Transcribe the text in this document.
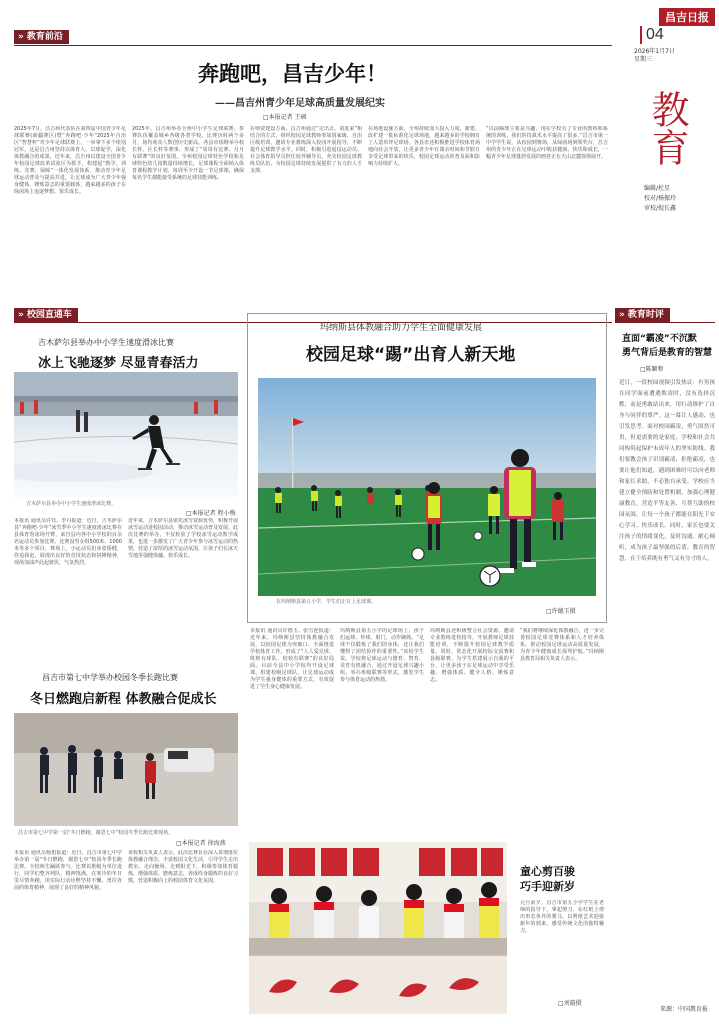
昌吉日报
04
2026年1月7日
星期三
教育
编辑/杜星
校对/杨振玲
审校/倪长鑫
» 教育前沿
奔跑吧，昌吉少年！
——昌吉州青少年足球高质量发展纪实
□本报记者 王硕
2025年7月，昌吉州代表队在第四届中国青少年足球联赛(新疆赛区)暨“奔跑吧·少年”2025年自治区“智慧杯”青少年足球联赛上，一举拿下多个组别冠军。这是昌吉州坚持以体育人、以球促学，深化体教融合的成果。近年来，昌吉州以建设全国青少年校园足球改革试验区为抓手，构建起“教学、训练、竞赛、保障”一体化发展体系，推动青少年足球运动普及与提高并进，让足球成为广大青少年强身健体、锤炼意志的重要载体，越来越多的孩子在绿茵场上追逐梦想、快乐成长。
2025年，昌吉州举办全州中小学生足球联赛，参赛队伍覆盖城乡各级各类学校，比赛历时两个多月，场均观众人数创历史新高。各县市相继举办校长杯、区长杯等赛事，形成了“周周有比赛、月月有联赛”的良好氛围。全州校园足球特色学校和足球特色幼儿园数量持续增长，足球课程全面纳入体育课程教学计划，每周至少开设一节足球课，确保每名学生都能接受系统的足球技能训练。
在师资建设方面，昌吉州通过“走出去、请进来”相结合的方式，组织校园足球教师参加国家级、自治区级培训，邀请专业教练深入校园开展指导，不断提升足球教学水平。同时，积极引进退役运动员、社会体育指导员担任校外辅导员，充实校园足球教练员队伍，为校园足球持续发展提供了有力的人才支撑。
在场地设施方面，全州持续加大投入力度，新建、改扩建一批标准化足球场地，越来越多的学校拥有了人造草坪足球场。各县市还积极推进学校体育场地向社会开放，让更多青少年在课余时间和节假日享受足球带来的快乐，校园足球运动的普及面和影响力持续扩大。
“以前踢球主要是兴趣，现在学校有了专业的教练和系统的训练，我们的技战术水平提高了很多。”昌吉市第一中学学生说。从校园到赛场，从绿茵场到领奖台，昌吉州的青少年正在足球运动中收获健康、快乐和成长，一幅青少年足球蓬勃发展的画卷正在天山北麓徐徐展开。
» 校园直通车
吉木萨尔县举办中小学生速度滑冰比赛
冰上飞驰逐梦 尽显青春活力
吉木萨尔县举办中小学生速度滑冰比赛。
□本报记者 程小梅
本报讯 通讯员许钰、李丹报道：近日，吉木萨尔县“奔跑吧·少年”冰雪季中小学生速度滑冰比赛在县体育馆冰场开赛，来自县内各中小学校的百余名运动员参加比赛。比赛设男女组500米、1000米等多个项目。赛场上，小运动员们身姿矫健，你追我赶，展现出良好的竞技状态和拼搏精神，现场加油声此起彼伏，气氛热烈。
近年来，吉木萨尔县依托冰雪资源优势，积极开展冰雪运动进校园活动，推动冰雪运动普及发展。此次比赛的举办，不仅检验了学校冰雪运动教学成果，也进一步激发了广大青少年参与冰雪运动的热情，营造了浓厚的冰雪运动氛围，让孩子们在冰天雪地里强健体魄、快乐成长。
昌吉市第七中学举办校园冬季长跑比赛
冬日燃跑启新程 体教融合促成长
昌吉市第七中学第一届“冬日燃跑，谢恩七中”校园冬季长跑比赛现场。
□本报记者 徐海燕
本报讯 通讯员杨旭报道：近日，昌吉市第七中学举办第一届“冬日燃跑，谢恩七中”校园冬季长跑比赛，全校师生踊跃参与。比赛以班级为单位进行，同学们整齐列队，精神饱满，在寒冷的冬日里尽情奔跑，用实际行动诠释坚持不懈、勇往直前的体育精神，展现了良好的精神风貌。
该校相关负责人表示，此次比赛旨在深入贯彻落实体教融合理念，丰富校园文化生活，引导学生走出教室、走向操场、走到阳光下，积极参加体育锻炼，增强体质、磨炼意志，养成终身锻炼的良好习惯，营造积极向上的校园体育文化氛围。
玛纳斯县体教融合助力学生全面健康发展
校园足球“踢”出育人新天地
在玛纳斯县第五小学，学生们正在上足球课。
□许德玉摄
本报讯 通讯员许德玉、张雪连报道：近年来，玛纳斯县坚持体教融合发展，以校园足球为突破口，全面推进学校体育工作，形成了“人人爱足球、班班有球队、校校有联赛”的良好局面。目前全县中小学校均开设足球课，组建校级足球队，让足球运动成为学生强身健体的重要方式，有效促进了学生身心健康发展。
玛纳斯县第五小学的足球场上，孩子们运球、传球、射门，动作娴熟。“足球不仅锻炼了我们的身体，还让我们懂得了团结协作的重要性。”该校学生说。学校将足球运动与德育、智育、美育有机融合，通过开设足球兴趣小组、举办班级联赛等形式，激发学生参与体育运动的热情。
玛纳斯县还积极整合社会资源，邀请专业教练进校指导，开展教师足球技能培训，不断提升校园足球教学质量。同时，常态化开展校际交流赛和县级联赛，为学生搭建展示自我的平台，让更多孩子在足球运动中享受乐趣、增强体质、健全人格、锤炼意志。
“我们将继续深化体教融合，进一步完善校园足球竞赛体系和人才培养体系，推动校园足球运动高质量发展，为青少年健康成长保驾护航。”玛纳斯县教育局相关负责人表示。
童心剪百骏
巧手迎新岁
元旦前夕，昌吉市第五小学学生在老师的指导下，拿起剪刀，在红纸上剪出形态各异的骏马，以剪纸艺术迎接新年的到来，感受传统文化的独特魅力。
□刘璇摄
» 教育时评
直面“霸凌”不沉默
勇气背后是教育的智慧
□陈颖和
近日，一段校园视频引发热议：有男孩在同学面前遭遇欺凌时，没有选择沉默，而是勇敢站出来，用行动维护了自身与同伴的尊严。这一幕让人感动，也引发思考。面对校园霸凌，勇气固然可贵，但更需要的是家庭、学校和社会共同构筑起保护未成年人的坚实防线。我们要教会孩子识别霸凌、拒绝霸凌，也要让他们知道，遇到困难时可以向老师和家长求助，不必独自承受。学校应当建立健全预防和处置机制，加强心理健康教育，营造平等友善、互帮互助的校园氛围，让每一个孩子都能在阳光下安心学习、快乐成长。同时，家长也要关注孩子的情绪变化，及时沟通、耐心倾听，成为孩子最坚强的后盾。教育的智慧，在于培养既有勇气又有分寸的人。
来源：中国教育报
